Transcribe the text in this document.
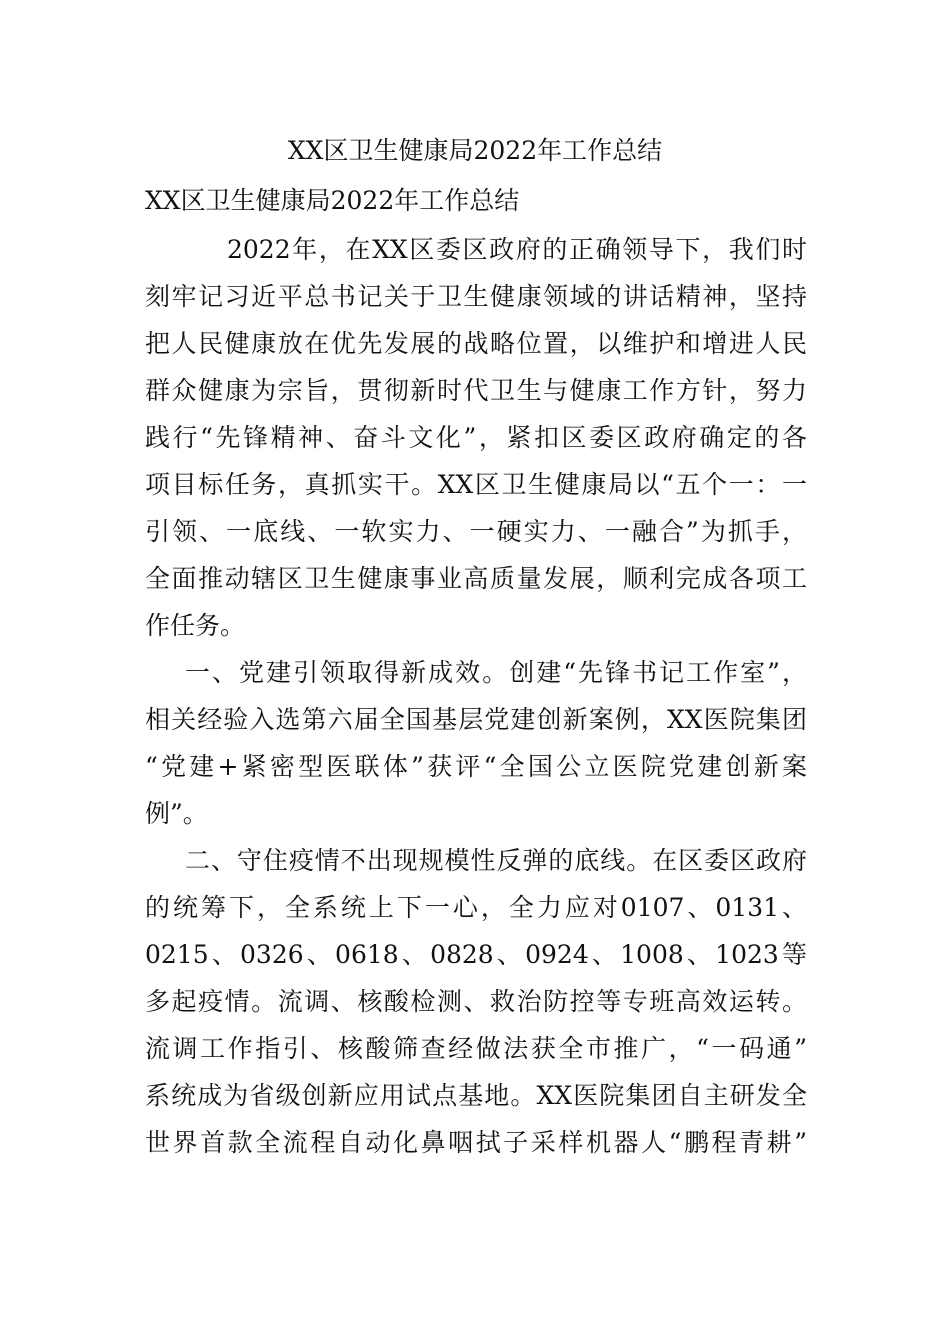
XX区卫生健康局2022年工作总结
XX区卫生健康局2022年工作总结

2022年，在XX区委区政府的正确领导下，我们时
刻牢记习近平总书记关于卫生健康领域的讲话精神，坚持
把人民健康放在优先发展的战略位置，以维护和增进人民
群众健康为宗旨，贯彻新时代卫生与健康工作方针，努力
践行“先锋精神、奋斗文化”，紧扣区委区政府确定的各
项目标任务，真抓实干。XX区卫生健康局以“五个一：一
引领、一底线、一软实力、一硬实力、一融合”为抓手，
全面推动辖区卫生健康事业高质量发展，顺利完成各项工
作任务。

一、党建引领取得新成效。创建“先锋书记工作室”，
相关经验入选第六届全国基层党建创新案例，XX医院集团
“党建+紧密型医联体”获评“全国公立医院党建创新案
例”。

二、守住疫情不出现规模性反弹的底线。在区委区政府
的统筹下，全系统上下一心，全力应对0107、0131、
0215、0326、0618、0828、0924、1008、1023等
多起疫情。流调、核酸检测、救治防控等专班高效运转。
流调工作指引、核酸筛查经做法获全市推广，“一码通”
系统成为省级创新应用试点基地。XX医院集团自主研发全
世界首款全流程自动化鼻咽拭子采样机器人“鹏程青耕”
